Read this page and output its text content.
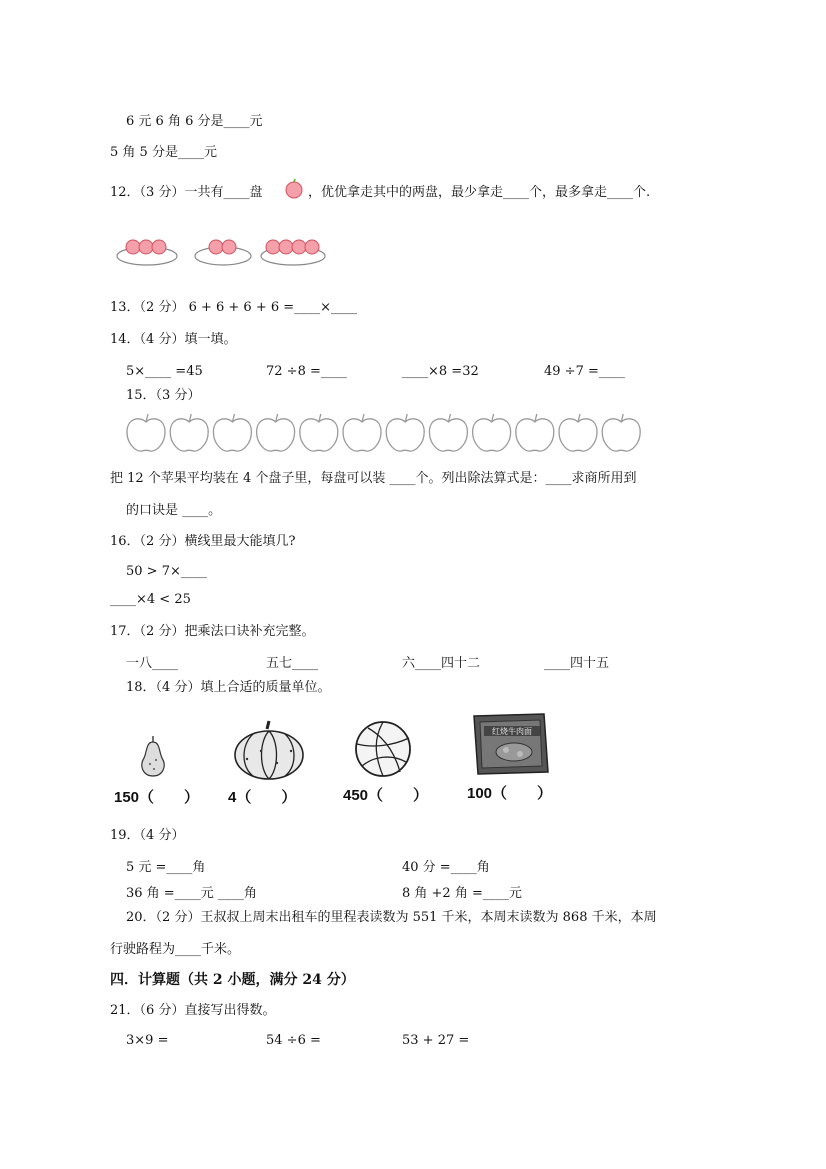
6 元 6 角 6 分是____元
5 角 5 分是____元
12．（3 分）一共有____盘	，优优拿走其中的两盘，最少拿走____个，最多拿走____个.
13．（2 分） 6 + 6 + 6 + 6 =____×____
14．（4 分）填一填。
5×____ =45	72 ÷8 =____	____×8 =32	49 ÷7 =____
15．（3 分）
把 12 个苹果平均装在 4 个盘子里，每盘可以装 ____个。列出除法算式是：____求商所用到
的口诀是 ____。
16．（2 分）横线里最大能填几?
50 > 7×____
____×4 < 25
17．（2 分）把乘法口诀补充完整。
一八____	五七____	六____四十二	____四十五
18．（4 分）填上合适的质量单位。
红烧牛肉面
150（　　） 4（　　）	450（　　）	100（　　）
19．（4 分）
5 元 =____角	40 分 =____角
36 角 =____元 ____角	8 角 +2 角 =____元
20．（2 分）王叔叔上周末出租车的里程表读数为 551 千米，本周末读数为 868 千米，本周
行驶路程为____千米。
四．计算题（共 2 小题，满分 24 分）
21．（6 分）直接写出得数。
3×9 =	54 ÷6 =	53 + 27 =
